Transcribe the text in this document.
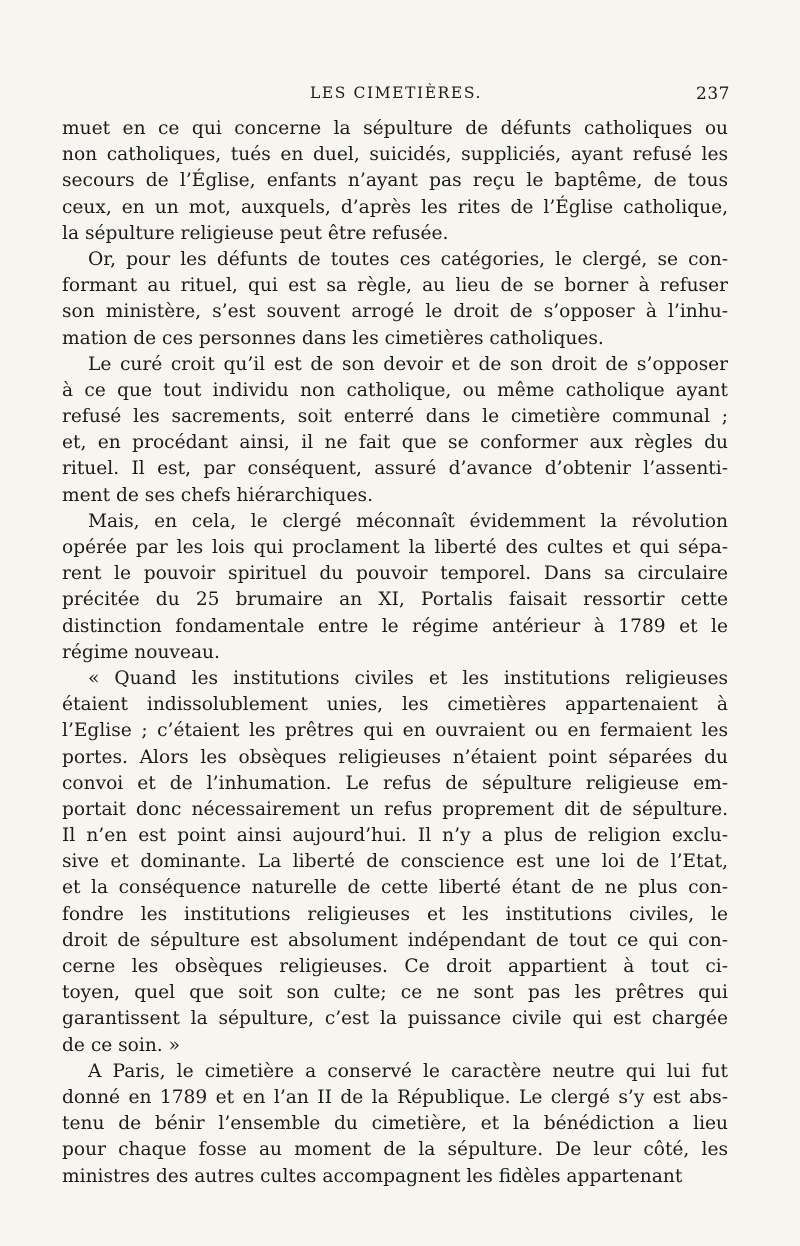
LES CIMETIÈRES.	237

muet en ce qui concerne la sépulture de défunts catholiques ou
non catholiques, tués en duel, suicidés, suppliciés, ayant refusé les
secours de l’Église, enfants n’ayant pas reçu le baptême, de tous
ceux, en un mot, auxquels, d’après les rites de l’Église catholique,
la sépulture religieuse peut être refusée.

Or, pour les défunts de toutes ces catégories, le clergé, se con-
formant au rituel, qui est sa règle, au lieu de se borner à refuser
son ministère, s’est souvent arrogé le droit de s’opposer à l’inhu-
mation de ces personnes dans les cimetières catholiques.

Le curé croit qu’il est de son devoir et de son droit de s’opposer
à ce que tout individu non catholique, ou même catholique ayant
refusé les sacrements, soit enterré dans le cimetière communal ;
et, en procédant ainsi, il ne fait que se conformer aux règles du
rituel. Il est, par conséquent, assuré d’avance d’obtenir l’assenti-
ment de ses chefs hiérarchiques.

Mais, en cela, le clergé méconnaît évidemment la révolution
opérée par les lois qui proclament la liberté des cultes et qui sépa-
rent le pouvoir spirituel du pouvoir temporel. Dans sa circulaire
précitée du 25 brumaire an XI, Portalis faisait ressortir cette
distinction fondamentale entre le régime antérieur à 1789 et le
régime nouveau.

« Quand les institutions civiles et les institutions religieuses
étaient indissolublement unies, les cimetières appartenaient à
l’Eglise ; c’étaient les prêtres qui en ouvraient ou en fermaient les
portes. Alors les obsèques religieuses n’étaient point séparées du
convoi et de l’inhumation. Le refus de sépulture religieuse em-
portait donc nécessairement un refus proprement dit de sépulture.
Il n’en est point ainsi aujourd’hui. Il n’y a plus de religion exclu-
sive et dominante. La liberté de conscience est une loi de l’Etat,
et la conséquence naturelle de cette liberté étant de ne plus con-
fondre les institutions religieuses et les institutions civiles, le
droit de sépulture est absolument indépendant de tout ce qui con-
cerne les obsèques religieuses. Ce droit appartient à tout ci-
toyen, quel que soit son culte; ce ne sont pas les prêtres qui
garantissent la sépulture, c’est la puissance civile qui est chargée
de ce soin. »

A Paris, le cimetière a conservé le caractère neutre qui lui fut
donné en 1789 et en l’an II de la République. Le clergé s’y est abs-
tenu de bénir l’ensemble du cimetière, et la bénédiction a lieu
pour chaque fosse au moment de la sépulture. De leur côté, les
ministres des autres cultes accompagnent les fidèles appartenant
